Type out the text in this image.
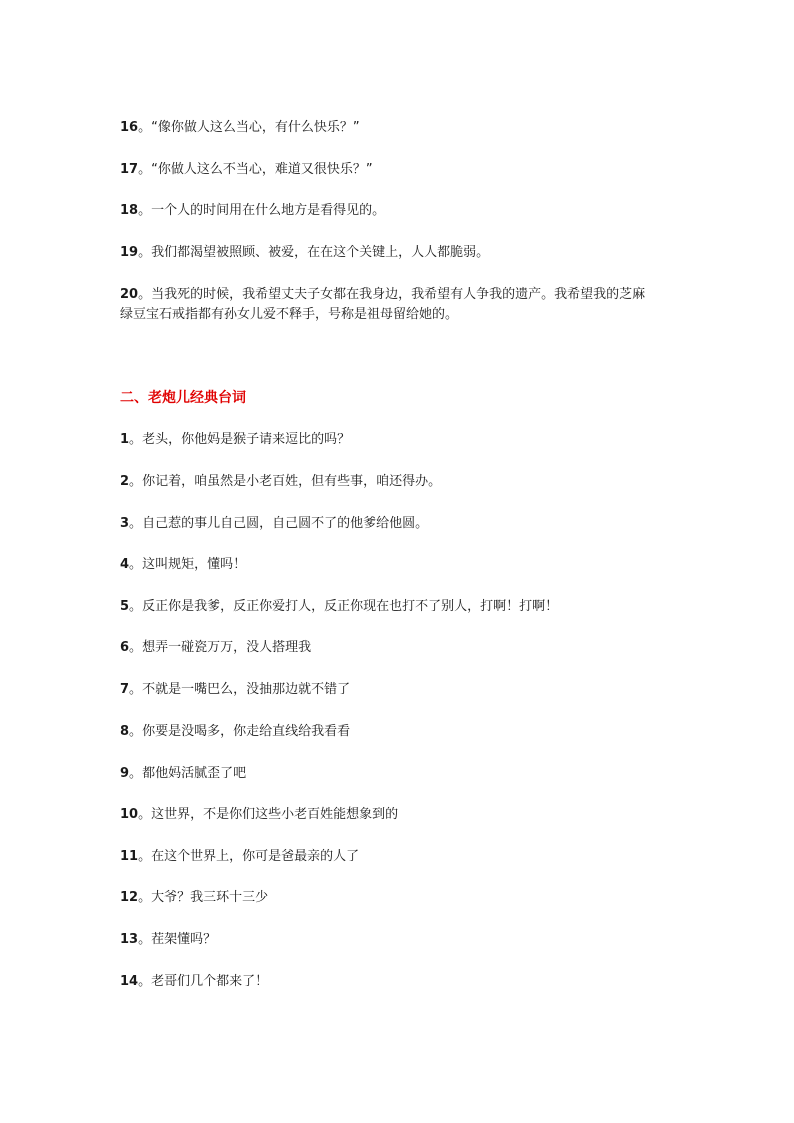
16。“像你做人这么当心，有什么快乐？”
17。“你做人这么不当心，难道又很快乐？”
18。一个人的时间用在什么地方是看得见的。
19。我们都渴望被照顾、被爱，在在这个关键上，人人都脆弱。
20。当我死的时候，我希望丈夫子女都在我身边，我希望有人争我的遗产。我希望我的芝麻
绿豆宝石戒指都有孙女儿爱不释手，号称是祖母留给她的。
二、老炮儿经典台词
1。老头，你他妈是猴子请来逗比的吗？
2。你记着，咱虽然是小老百姓，但有些事，咱还得办。
3。自己惹的事儿自己圆，自己圆不了的他爹给他圆。
4。这叫规矩，懂吗！
5。反正你是我爹，反正你爱打人，反正你现在也打不了别人，打啊！打啊！
6。想弄一碰瓷万万，没人搭理我
7。不就是一嘴巴么，没抽那边就不错了
8。你要是没喝多，你走给直线给我看看
9。都他妈活腻歪了吧
10。这世界，不是你们这些小老百姓能想象到的
11。在这个世界上，你可是爸最亲的人了
12。大爷？我三环十三少
13。茬架懂吗？
14。老哥们几个都来了！
